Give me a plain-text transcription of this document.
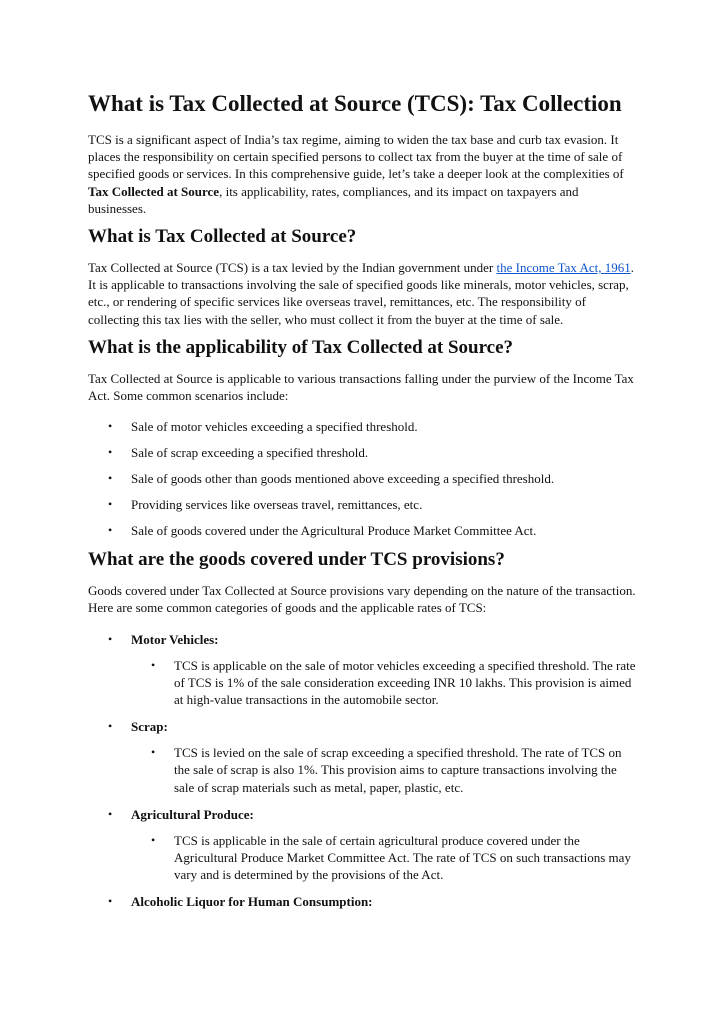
What is Tax Collected at Source (TCS): Tax Collection

TCS is a significant aspect of India’s tax regime, aiming to widen the tax base and curb tax evasion. It places the responsibility on certain specified persons to collect tax from the buyer at the time of sale of specified goods or services. In this comprehensive guide, let’s take a deeper look at the complexities of Tax Collected at Source, its applicability, rates, compliances, and its impact on taxpayers and businesses.

What is Tax Collected at Source?

Tax Collected at Source (TCS) is a tax levied by the Indian government under the Income Tax Act, 1961. It is applicable to transactions involving the sale of specified goods like minerals, motor vehicles, scrap, etc., or rendering of specific services like overseas travel, remittances, etc. The responsibility of collecting this tax lies with the seller, who must collect it from the buyer at the time of sale.

What is the applicability of Tax Collected at Source?

Tax Collected at Source is applicable to various transactions falling under the purview of the Income Tax Act. Some common scenarios include:

• Sale of motor vehicles exceeding a specified threshold.
• Sale of scrap exceeding a specified threshold.
• Sale of goods other than goods mentioned above exceeding a specified threshold.
• Providing services like overseas travel, remittances, etc.
• Sale of goods covered under the Agricultural Produce Market Committee Act.
What are the goods covered under TCS provisions?

Goods covered under Tax Collected at Source provisions vary depending on the nature of the transaction. Here are some common categories of goods and the applicable rates of TCS:

• Motor Vehicles:
• TCS is applicable on the sale of motor vehicles exceeding a specified threshold. The rate of TCS is 1% of the sale consideration exceeding INR 10 lakhs. This provision is aimed at high-value transactions in the automobile sector.
• Scrap:
• TCS is levied on the sale of scrap exceeding a specified threshold. The rate of TCS on the sale of scrap is also 1%. This provision aims to capture transactions involving the sale of scrap materials such as metal, paper, plastic, etc.
• Agricultural Produce:
• TCS is applicable in the sale of certain agricultural produce covered under the Agricultural Produce Market Committee Act. The rate of TCS on such transactions may vary and is determined by the provisions of the Act.
• Alcoholic Liquor for Human Consumption:
